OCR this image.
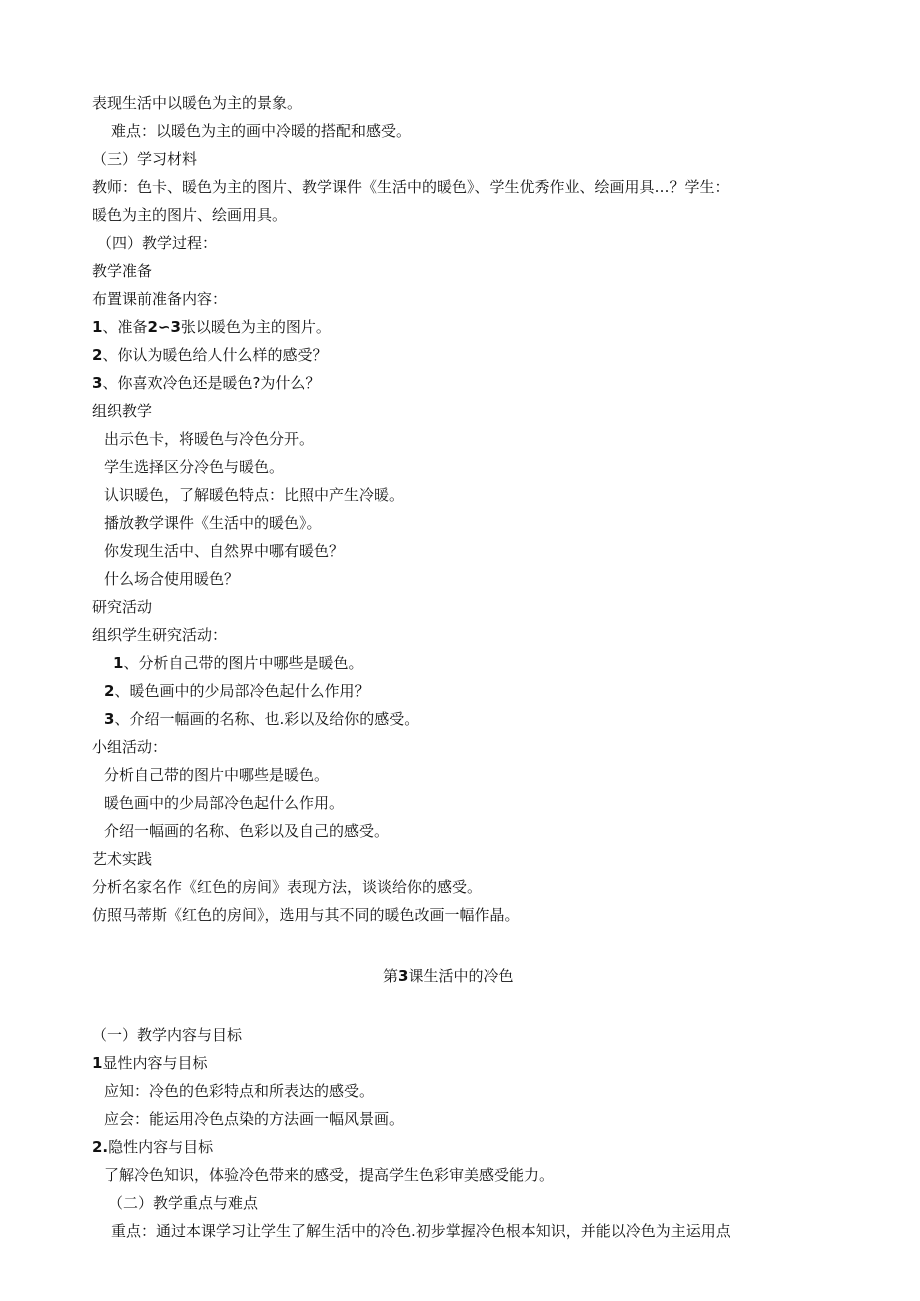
表现生活中以暖色为主的景象。

难点：以暖色为主的画中冷暖的搭配和感受。

（三）学习材料

教师：色卡、暖色为主的图片、教学课件《生活中的暖色》、学生优秀作业、绘画用具…？学生：

暖色为主的图片、绘画用具。

（四）教学过程：

教学准备

布置课前准备内容：

1、准备2∽3张以暖色为主的图片。

2、你认为暖色给人什么样的感受？

3、你喜欢冷色还是暖色?为什么？

组织教学

出示色卡，将暖色与冷色分开。

学生选择区分冷色与暖色。

认识暖色，了解暖色特点：比照中产生冷暖。

播放教学课件《生活中的暖色》。

你发现生活中、自然界中哪有暖色？

什么场合使用暖色？

研究活动

组织学生研究活动：

1、分析自己带的图片中哪些是暖色。

2、暖色画中的少局部冷色起什么作用？

3、介绍一幅画的名称、也.彩以及给你的感受。

小组活动：

分析自己带的图片中哪些是暖色。

暖色画中的少局部冷色起什么作用。

介绍一幅画的名称、色彩以及自己的感受。

艺术实践

分析名家名作《红色的房间》表现方法，谈谈给你的感受。

仿照马蒂斯《红色的房间》，选用与其不同的暖色改画一幅作晶。

第3课生活中的冷色

（一）教学内容与目标

1显性内容与目标

应知：冷色的色彩特点和所表达的感受。

应会：能运用冷色点染的方法画一幅风景画。

2.隐性内容与目标

了解冷色知识，体验冷色带来的感受，提高学生色彩审美感受能力。

（二）教学重点与难点

重点：通过本课学习让学生了解生活中的冷色.初步掌握冷色根本知识，并能以冷色为主运用点
